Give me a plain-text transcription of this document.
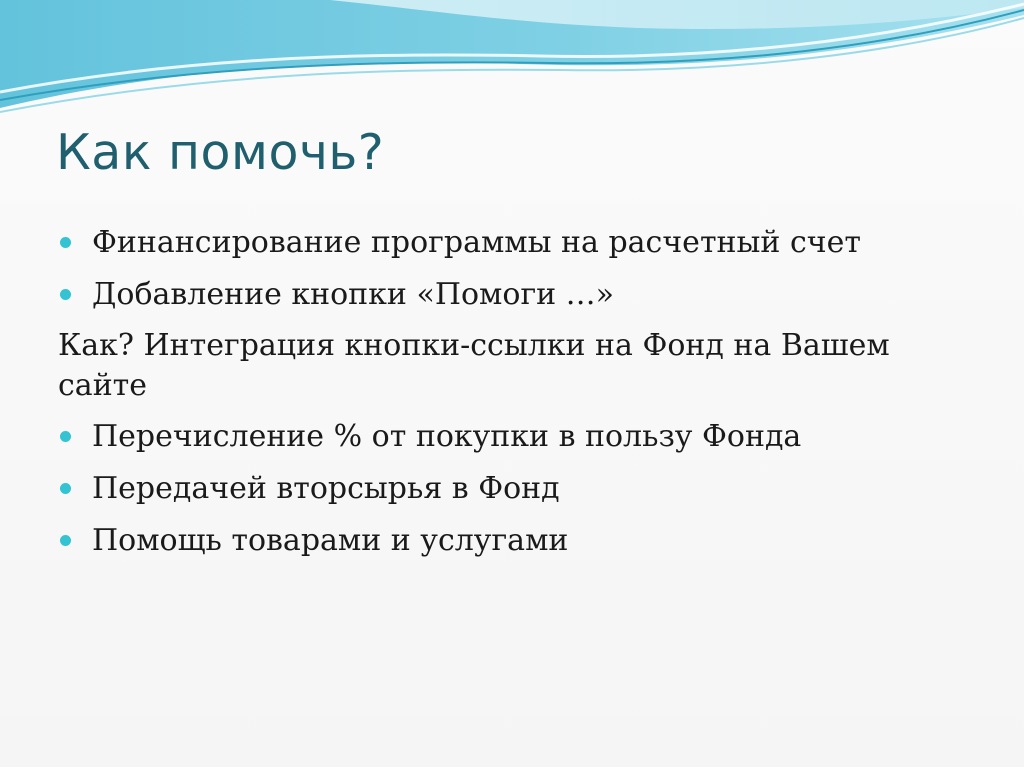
Как помочь?

Финансирование программы на расчетный счет

Добавление кнопки «Помоги …»

Как? Интеграция кнопки-ссылки на Фонд на Вашем сайте

Перечисление % от покупки в пользу Фонда

Передачей вторсырья в Фонд

Помощь товарами и услугами
